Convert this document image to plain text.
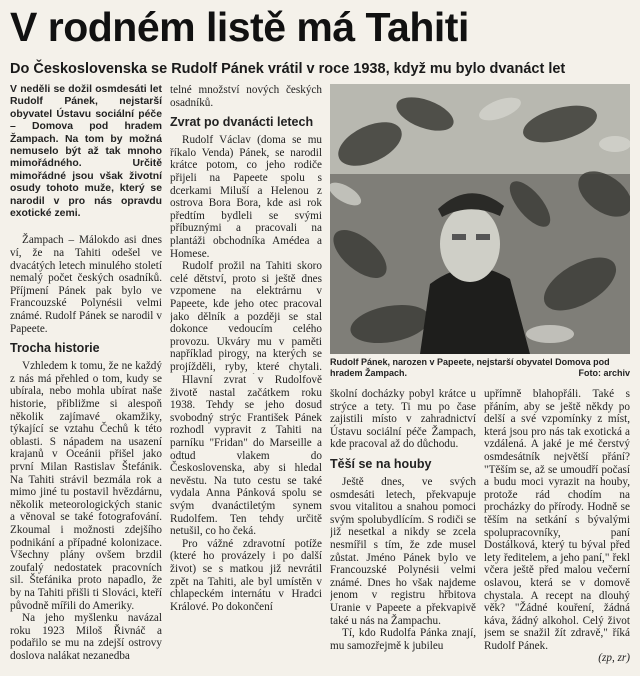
V rodném listě má Tahiti
Do Československa se Rudolf Pánek vrátil v roce 1938, když mu bylo dvanáct let

V neděli se dožil osmdesáti let Rudolf Pánek, nejstarší obyvatel Ústavu sociální péče – Domova pod hradem Žampach. Na tom by možná nemuselo být až tak mnoho mimořádného. Určitě mimořádné jsou však životní osudy tohoto muže, který se narodil v pro nás opravdu exotické zemi.

Žampach – Málokdo asi dnes ví, že na Tahiti odešel ve dvacátých letech minulého století nemalý počet českých osadníků. Příjmení Pánek pak bylo ve Francouzské Polynésii velmi známé. Rudolf Pánek se narodil v Papeete.

Trocha historie

Vzhledem k tomu, že ne každý z nás má přehled o tom, kudy se ubírala, nebo mohla ubírat naše historie, přibližme si alespoň několik zajímavé okamžiky, týkající se vztahu Čechů k této oblasti. S nápadem na usazení krajanů v Oceánii přišel jako první Milan Rastislav Štefánik. Na Tahiti strávil bezmála rok a mimo jiné tu postavil hvězdárnu, několik meteorologických stanic a věnoval se také fotografování. Zkoumal i možnosti zdejšího podnikání a případné kolonizace. Všechny plány ovšem brzdil zoufalý nedostatek pracovních sil. Štefánika proto napadlo, že by na Tahiti přišli ti Slováci, kteří původně mířili do Ameriky.

Na jeho myšlenku navázal roku 1923 Miloš Řivnáč a podařilo se mu na zdejší ostrovy doslova nalákat nezanedba

telné množství nových českých osadníků.

Zvrat po dvanácti letech

Rudolf Václav (doma se mu říkalo Venda) Pánek, se narodil krátce potom, co jeho rodiče přijeli na Papeete spolu s dcerkami Miluší a Helenou z ostrova Bora Bora, kde asi rok předtím bydleli se svými příbuznými a pracovali na plantáži obchodníka Amédea a Homese.

Rudolf prožil na Tahiti skoro celé dětství, proto si ještě dnes vzpomene na elektrárnu v Papeete, kde jeho otec pracoval jako dělník a později se stal dokonce vedoucím celého provozu. Ukváry mu v paměti například pirogy, na kterých se projížděli, ryby, které chytali.

Hlavní zvrat v Rudolfově životě nastal začátkem roku 1938. Tehdy se jeho dosud svobodný strýc František Pánek rozhodl vypravit z Tahiti na parníku "Fridan" do Marseille a odtud vlakem do Československa, aby si hledal nevěstu. Na tuto cestu se také vydala Anna Pánková spolu se svým dvanáctiletým synem Rudolfem. Ten tehdy určitě netušil, co ho čeká.

Pro vážné zdravotní potíže (které ho provázely i po další život) se s matkou již nevrátil zpět na Tahiti, ale byl umístěn v chlapeckém internátu v Hradci Králové. Po dokončení

Rudolf Pánek, narozen v Papeete, nejstarší obyvatel Domova pod hradem Žampach.	Foto: archiv

školní docházky pobyl krátce u strýce a tety. Ti mu po čase zajistili místo v zahradnictví Ústavu sociální péče Žampach, kde pracoval až do důchodu.

Těší se na houby

Ještě dnes, ve svých osmdesáti letech, překvapuje svou vitalitou a snahou pomoci svým spolubydlícím. S rodiči se již nesetkal a nikdy se zcela nesmířil s tím, že zde musel zůstat. Jméno Pánek bylo ve Francouzské Polynésii velmi známé. Dnes ho však najdeme jenom v registru hřbitova Uranie v Papeete a překvapivě také u nás na Žampachu.

Tí, kdo Rudolfa Pánka znají, mu samozřejmě k jubileu

upřímně blahopřáli. Také s přáním, aby se ještě někdy po delší a své vzpomínky z míst, která jsou pro nás tak exotická a vzdálená. A jaké je mé čerstvý osmdesátník největší přání? "Těším se, až se umoudří počasí a budu moci vyrazit na houby, protože rád chodím na procházky do přírody. Hodně se těším na setkání s bývalými spolupracovníky, paní Dostálková, který tu býval před lety ředitelem, a jeho paní," řekl včera ještě před malou večerní oslavou, která se v domově chystala. A recept na dlouhý věk? "Žádné kouření, žádná káva, žádný alkohol. Celý život jsem se snažil žít zdravě," říká Rudolf Pánek.

(zp, zr)
